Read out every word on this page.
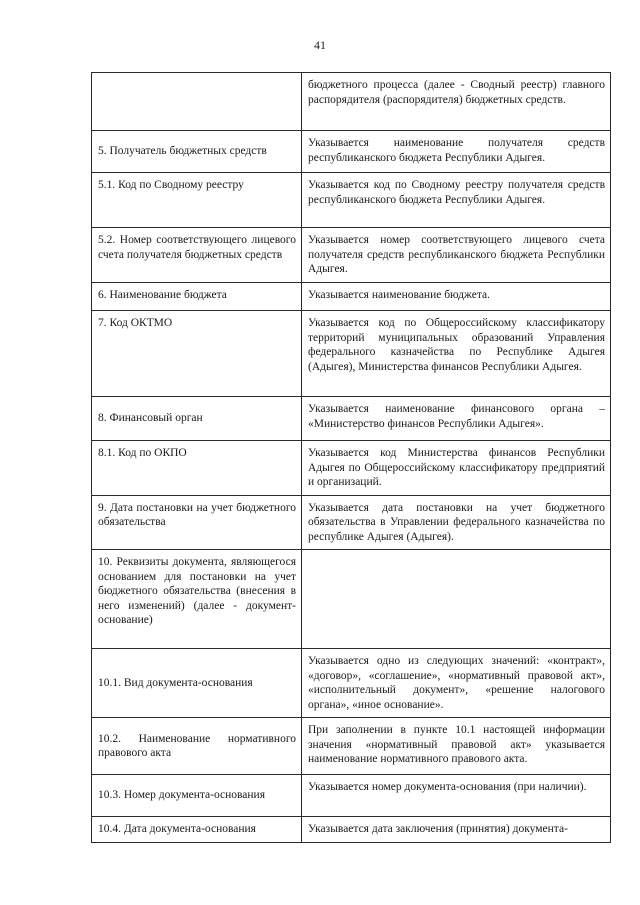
41
	бюджетного процесса (далее - Сводный реестр) главного распорядителя (распорядителя) бюджетных средств.
5. Получатель бюджетных средств	Указывается наименование получателя средств республиканского бюджета Республики Адыгея.
5.1. Код по Сводному реестру	Указывается код по Сводному реестру получателя средств республиканского бюджета Республики Адыгея.
5.2. Номер соответствующего лицевого счета получателя бюджетных средств	Указывается номер соответствующего лицевого счета получателя средств республиканского бюджета Республики Адыгея.
6. Наименование бюджета	Указывается наименование бюджета.
7. Код ОКТМО	Указывается код по Общероссийскому классификатору территорий муниципальных образований Управления федерального казначейства по Республике Адыгея (Адыгея), Министерства финансов Республики Адыгея.
8. Финансовый орган	Указывается наименование финансового органа – «Министерство финансов Республики Адыгея».
8.1. Код по ОКПО	Указывается код Министерства финансов Республики Адыгея по Общероссийскому классификатору предприятий и организаций.
9. Дата постановки на учет бюджетного обязательства	Указывается дата постановки на учет бюджетного обязательства в Управлении федерального казначейства по республике Адыгея (Адыгея).
10. Реквизиты документа, являющегося основанием для постановки на учет бюджетного обязательства (внесения в него изменений) (далее - документ-основание)	
10.1. Вид документа-основания	Указывается одно из следующих значений: «контракт», «договор», «соглашение», «нормативный правовой акт», «исполнительный документ», «решение налогового органа», «иное основание».
10.2. Наименование нормативного правового акта	При заполнении в пункте 10.1 настоящей информации значения «нормативный правовой акт» указывается наименование нормативного правового акта.
10.3. Номер документа-основания	Указывается номер документа-основания (при наличии).
10.4. Дата документа-основания	Указывается дата заключения (принятия) документа-
